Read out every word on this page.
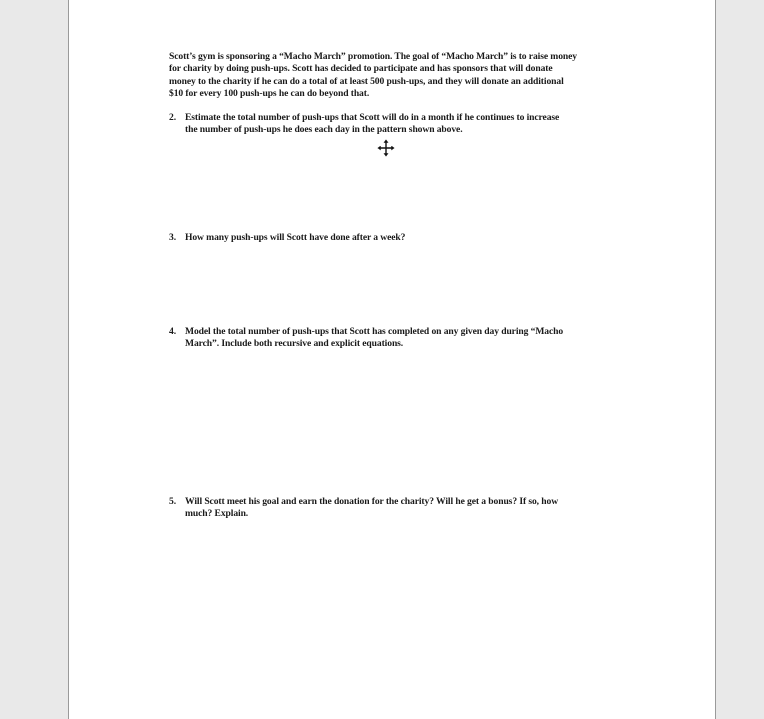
Scott’s gym is sponsoring a “Macho March” promotion. The goal of “Macho March” is to raise money
for charity by doing push-ups. Scott has decided to participate and has sponsors that will donate
money to the charity if he can do a total of at least 500 push-ups, and they will donate an additional
$10 for every 100 push-ups he can do beyond that.
2. Estimate the total number of push-ups that Scott will do in a month if he continues to increase
the number of push-ups he does each day in the pattern shown above.
3. How many push-ups will Scott have done after a week?
4. Model the total number of push-ups that Scott has completed on any given day during “Macho
March”. Include both recursive and explicit equations.
5. Will Scott meet his goal and earn the donation for the charity? Will he get a bonus? If so, how
much? Explain.
